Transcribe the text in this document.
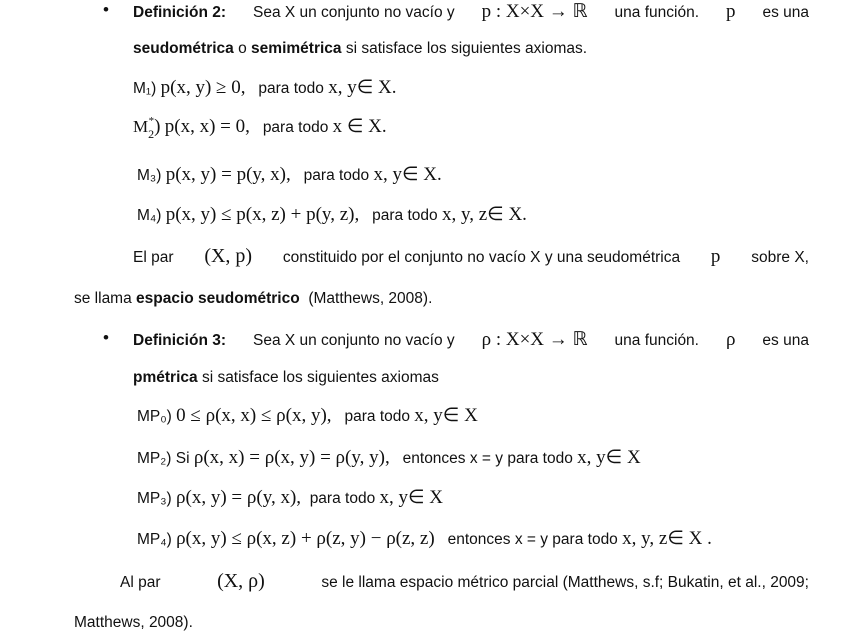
• Definición 2: Sea X un conjunto no vacío y p : X×X → ℝ una función. p es una
seudométrica o semimétrica si satisface los siguientes axiomas.
M₁) p(x, y) ≥ 0, para todo x, y∈ X.
M *
2) p(x, x) = 0, para todo x ∈ X.
M₃) p(x, y) = p(y, x), para todo x, y∈ X.
M₄) p(x, y) ≤ p(x, z) + p(y, z), para todo x, y, z∈ X.
El par (X, p) constituido por el conjunto no vacío X y una seudométrica p sobre X,
se llama espacio seudométrico (Matthews, 2008).
• Definición 3: Sea X un conjunto no vacío y ρ : X×X → ℝ una función. ρ es una
pmétrica si satisface los siguientes axiomas
MP₀) 0 ≤ ρ(x, x) ≤ ρ(x, y), para todo x, y∈ X
MP₂) Si ρ(x, x) = ρ(x, y) = ρ(y, y), entonces x = y para todo x, y∈ X
MP₃) ρ(x, y) = ρ(y, x), para todo x, y∈ X
MP₄) ρ(x, y) ≤ ρ(x, z) + ρ(z, y) − ρ(z, z) entonces x = y para todo x, y, z∈ X .
Al par	(X, ρ)	se le llama espacio métrico parcial (Matthews, s.f; Bukatin, et al., 2009;
Matthews, 2008).
